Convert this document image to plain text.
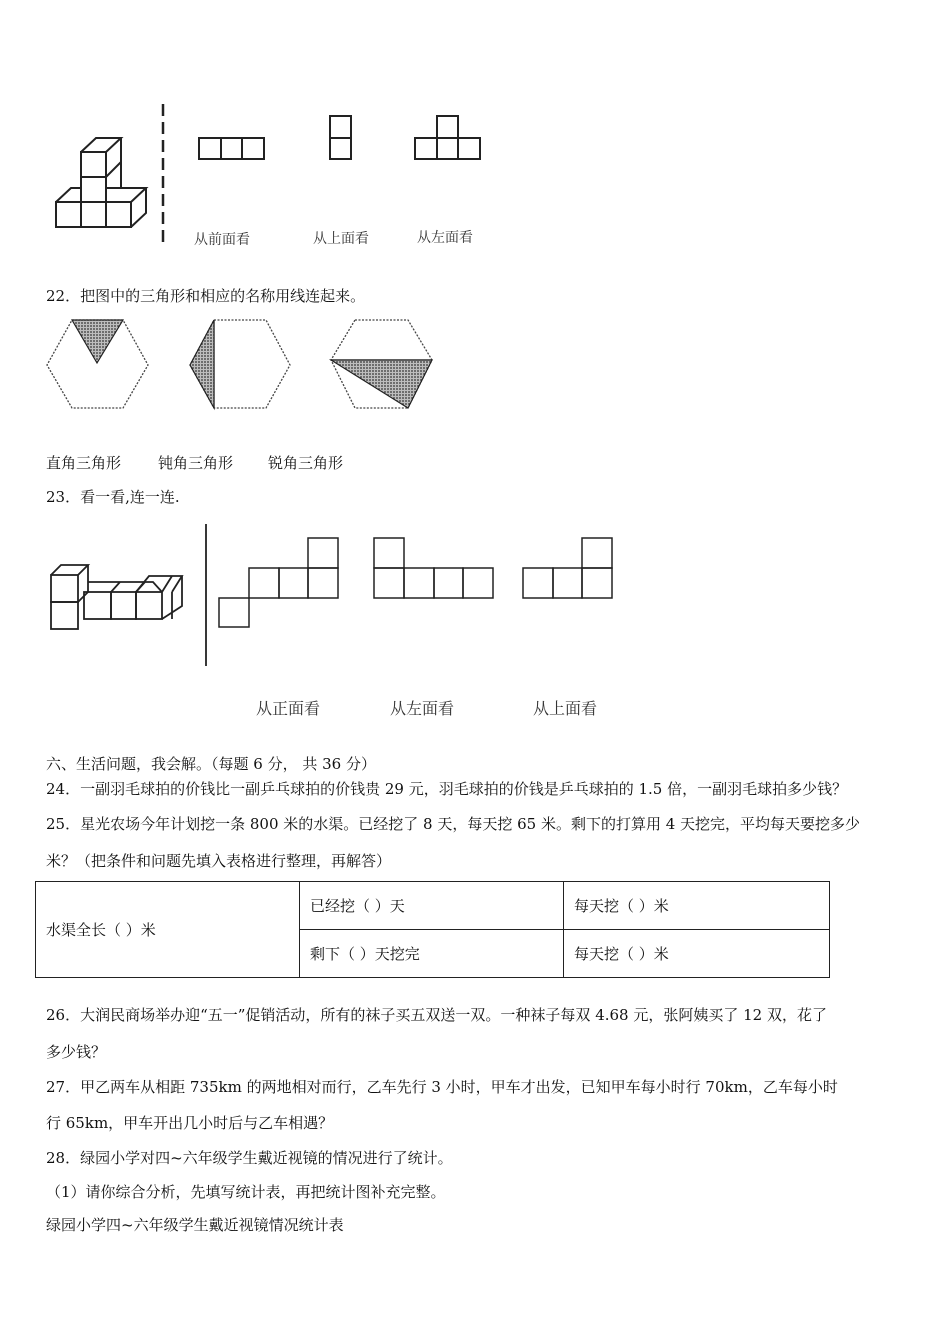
从前面看	从上面看	从左面看
22．把图中的三角形和相应的名称用线连起来。
直角三角形 钝角三角形 锐角三角形
23．看一看,连一连.
从正面看	从左面看	从上面看
六、生活问题，我会解。（每题 6 分， 共 36 分）
24．一副羽毛球拍的价钱比一副乒乓球拍的价钱贵 29 元，羽毛球拍的价钱是乒乓球拍的 1.5 倍，一副羽毛球拍多少钱？
25．星光农场今年计划挖一条 800 米的水渠。已经挖了 8 天，每天挖 65 米。剩下的打算用 4 天挖完，平均每天要挖多少
米？（把条件和问题先填入表格进行整理，再解答）
水渠全长（ ）米	已经挖（ ）天	每天挖（ ）米
	剩下（ ）天挖完	每天挖（ ）米
26．大润民商场举办迎“五一”促销活动，所有的袜子买五双送一双。一种袜子每双 4.68 元，张阿姨买了 12 双，花了
多少钱？
27．甲乙两车从相距 735km 的两地相对而行，乙车先行 3 小时，甲车才出发，已知甲车每小时行 70km，乙车每小时
行 65km，甲车开出几小时后与乙车相遇？
28．绿园小学对四~六年级学生戴近视镜的情况进行了统计。
（1）请你综合分析，先填写统计表，再把统计图补充完整。
绿园小学四~六年级学生戴近视镜情况统计表
